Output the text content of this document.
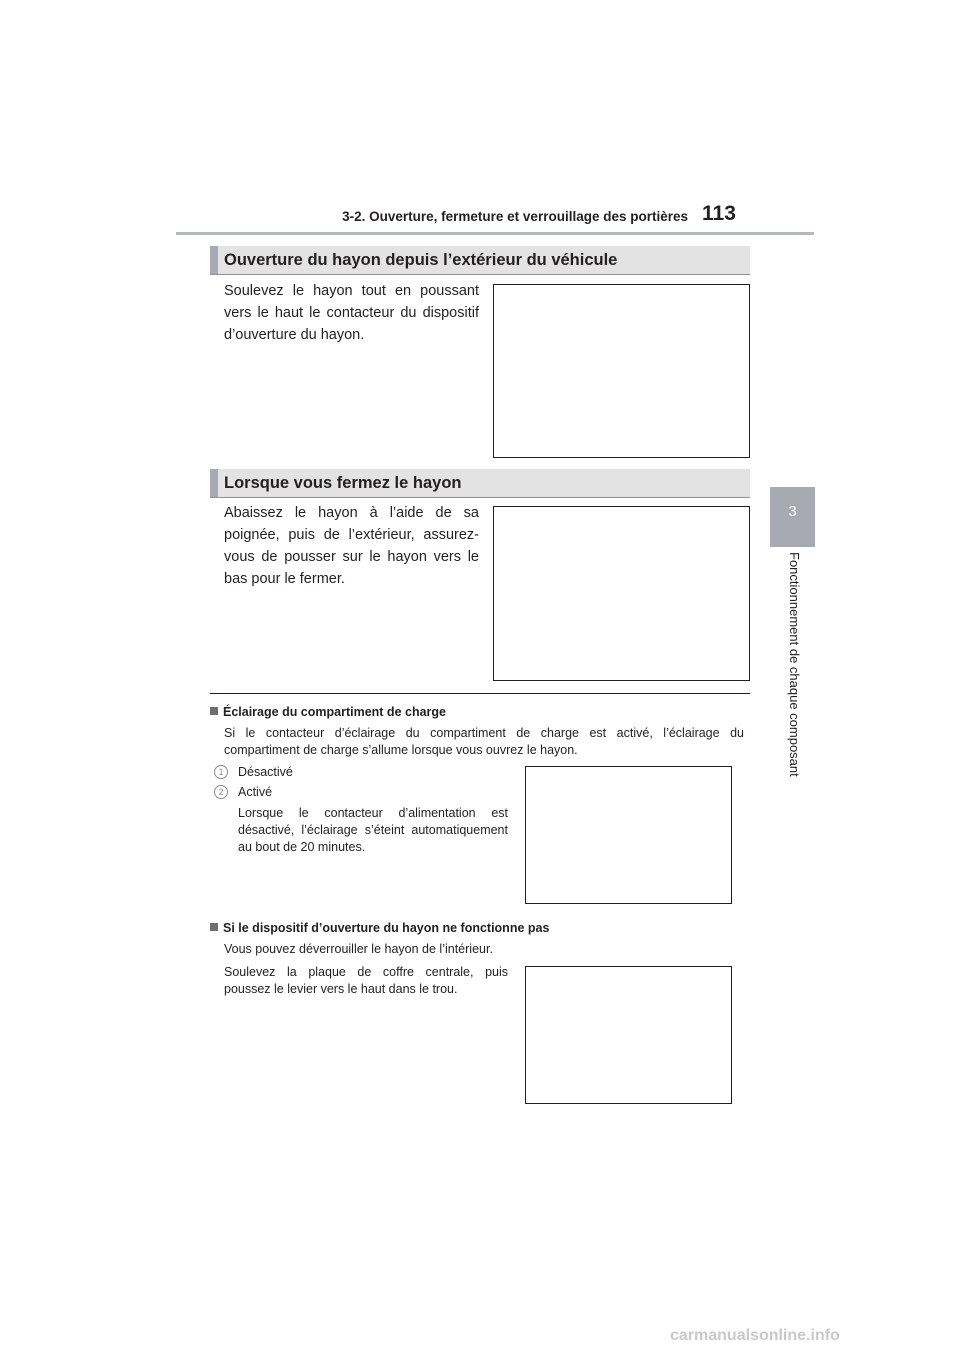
3-2. Ouverture, fermeture et verrouillage des portières 113
3
Fonctionnement de chaque composant
Ouverture du hayon depuis l’extérieur du véhicule
Soulevez le hayon tout en poussant vers le haut le contacteur du dispositif d’ouverture du hayon.
Lorsque vous fermez le hayon
Abaissez le hayon à l’aide de sa poignée, puis de l’extérieur, assurez-vous de pousser sur le hayon vers le bas pour le fermer.
Éclairage du compartiment de charge
Si le contacteur d’éclairage du compartiment de charge est activé, l’éclairage du compartiment de charge s’allume lorsque vous ouvrez le hayon.
1	Désactivé
2	Activé
Lorsque le contacteur d’alimentation est désactivé, l’éclairage s’éteint automatiquement au bout de 20 minutes.
Si le dispositif d’ouverture du hayon ne fonctionne pas
Vous pouvez déverrouiller le hayon de l’intérieur.
Soulevez la plaque de coffre centrale, puis poussez le levier vers le haut dans le trou.
carmanualsonline.info
